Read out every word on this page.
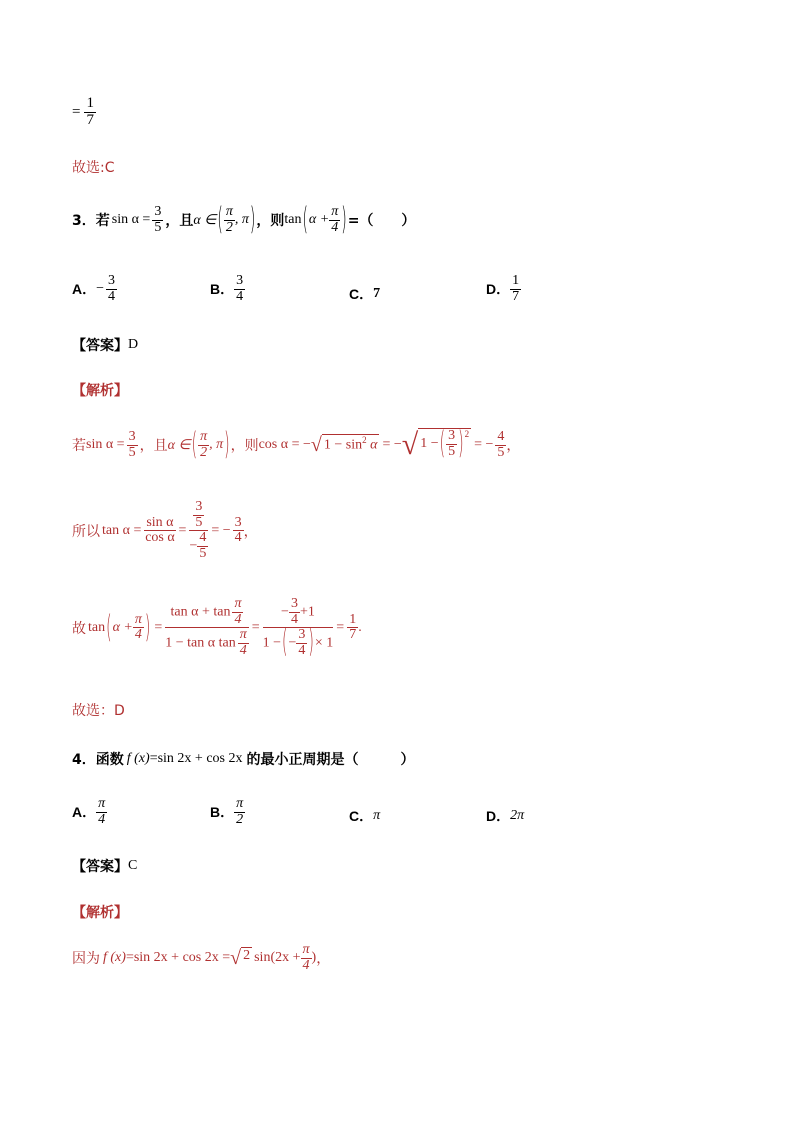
= $\frac{1}{7}$
故选:C
3．若 $\sin \alpha = \frac{3}{5}$ ，且 α ∈ ( $\frac{\pi}{2}$ , π ) ，则 tan ( $\alpha + \frac{\pi}{4}$ ) =（　　）
A． − $\frac{3}{4}$	B． $\frac{3}{4}$	C． 7	D． $\frac{1}{7}$
【答案】 D
【解析】
若 $\sin \alpha = \frac{3}{5}$ ，且 α ∈ ( $\frac{\pi}{2}$ , π ) ，则 cos α = − √ $1 - \sin^2 \alpha$ = − √ 1 − ( $\frac{3}{5} )^2$
= − $\frac{4}{5}$ ，
所以 $\tan \alpha = \frac{\text{sin α}}{\text{cos α}} = \frac{\frac{3}{5}}{- \frac{4}{5}}$ = − $\frac{3}{4}$ ，
故 tan ( $\alpha + \frac{\pi}{4}$ ) = $\frac{\tan \alpha + \tan \frac{\pi}{4}}{1 - \tan \alpha \tan \frac{\pi}{4}} = \frac{- \frac{3}{4} +1}{1 -(- \frac{3}{4} )\times 1} = \frac{1}{7}$ .
故选：D
4．函数 f (x) =sin 2x + cos 2x 的最小正周期是（　　　）
A． $\frac{\pi}{4}$	B． $\frac{\pi}{2}$	C． π	D． 2π
【答案】 C
【解析】
因为 f (x) =sin 2x + cos 2x = √ 2 $\sin(2x + \frac{\pi}{4}$ ) ，
